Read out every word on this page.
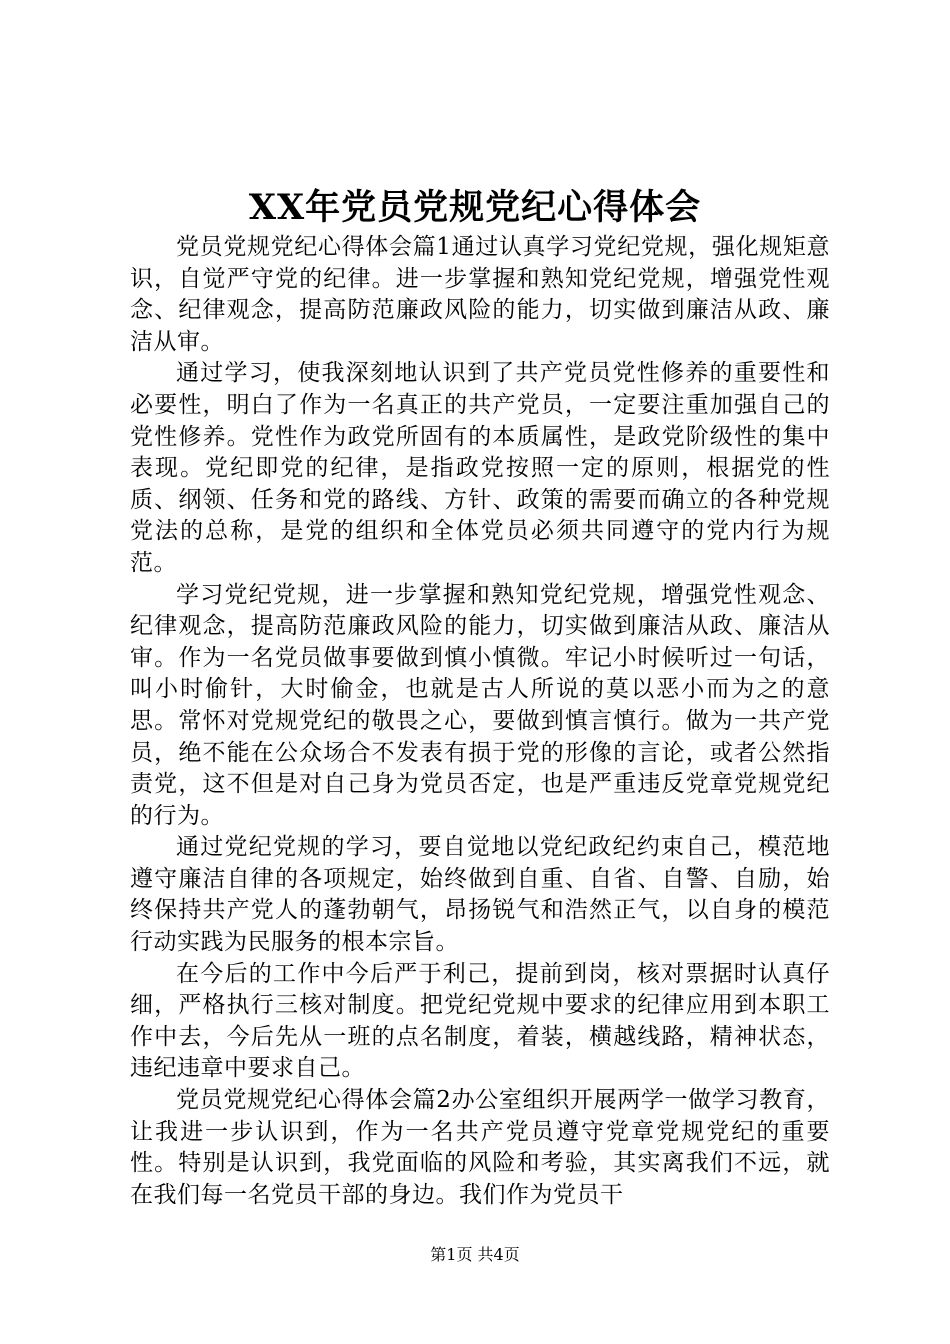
XX年党员党规党纪心得体会

党员党规党纪心得体会篇1通过认真学习党纪党规，强化规矩意识，自觉严守党的纪律。进一步掌握和熟知党纪党规，增强党性观念、纪律观念，提高防范廉政风险的能力，切实做到廉洁从政、廉洁从审。

通过学习，使我深刻地认识到了共产党员党性修养的重要性和必要性，明白了作为一名真正的共产党员，一定要注重加强自己的党性修养。党性作为政党所固有的本质属性，是政党阶级性的集中表现。党纪即党的纪律，是指政党按照一定的原则，根据党的性质、纲领、任务和党的路线、方针、政策的需要而确立的各种党规党法的总称，是党的组织和全体党员必须共同遵守的党内行为规范。

学习党纪党规，进一步掌握和熟知党纪党规，增强党性观念、纪律观念，提高防范廉政风险的能力，切实做到廉洁从政、廉洁从审。作为一名党员做事要做到慎小慎微。牢记小时候听过一句话，叫小时偷针，大时偷金，也就是古人所说的莫以恶小而为之的意思。常怀对党规党纪的敬畏之心，要做到慎言慎行。做为一共产党员，绝不能在公众场合不发表有损于党的形像的言论，或者公然指责党，这不但是对自己身为党员否定，也是严重违反党章党规党纪的行为。

通过党纪党规的学习，要自觉地以党纪政纪约束自己，模范地遵守廉洁自律的各项规定，始终做到自重、自省、自警、自励，始终保持共产党人的蓬勃朝气，昂扬锐气和浩然正气，以自身的模范行动实践为民服务的根本宗旨。

在今后的工作中今后严于利己，提前到岗，核对票据时认真仔细，严格执行三核对制度。把党纪党规中要求的纪律应用到本职工作中去，今后先从一班的点名制度，着装，横越线路，精神状态，违纪违章中要求自己。

党员党规党纪心得体会篇2办公室组织开展两学一做学习教育，让我进一步认识到，作为一名共产党员遵守党章党规党纪的重要性。特别是认识到，我党面临的风险和考验，其实离我们不远，就在我们每一名党员干部的身边。我们作为党员干

第1页 共4页
